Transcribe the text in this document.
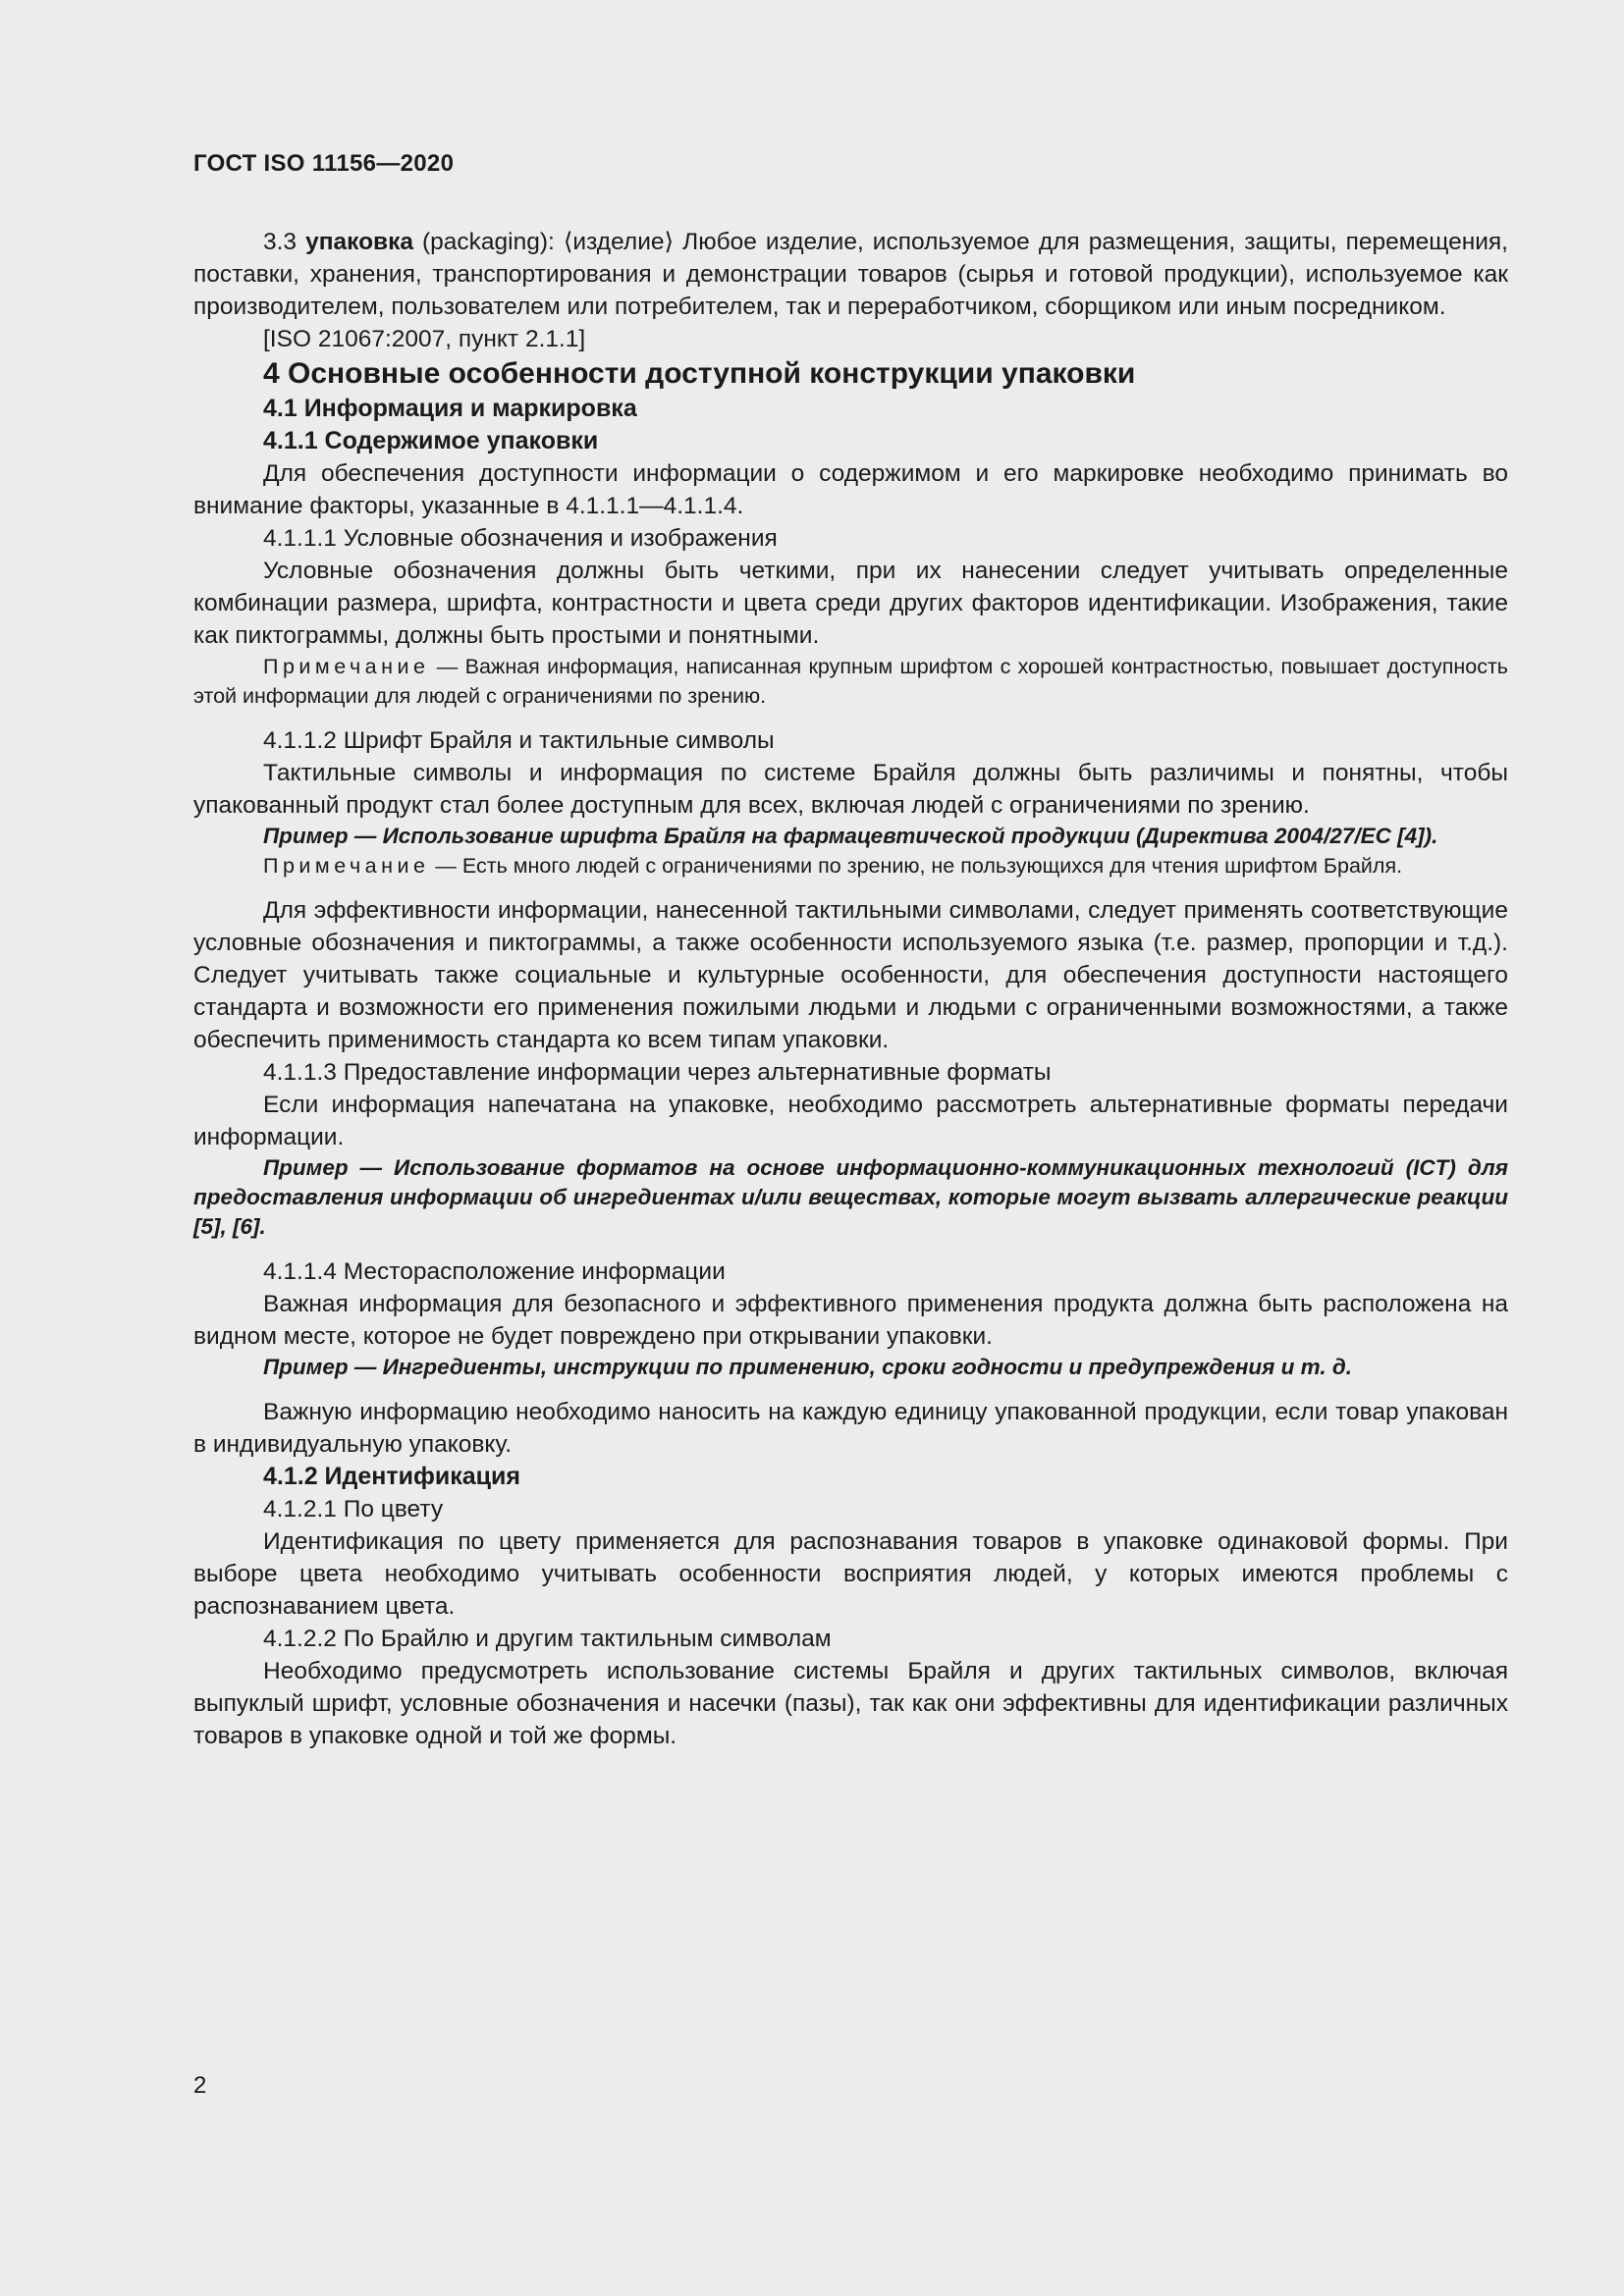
ГОСТ ISO 11156—2020

3.3 упаковка (packaging): ⟨изделие⟩ Любое изделие, используемое для размещения, защиты, перемещения, поставки, хранения, транспортирования и демонстрации товаров (сырья и готовой продукции), используемое как производителем, пользователем или потребителем, так и переработчиком, сборщиком или иным посредником.

[ISO 21067:2007, пункт 2.1.1]

4 Основные особенности доступной конструкции упаковки

4.1 Информация и маркировка

4.1.1 Содержимое упаковки

Для обеспечения доступности информации о содержимом и его маркировке необходимо принимать во внимание факторы, указанные в 4.1.1.1—4.1.1.4.

4.1.1.1 Условные обозначения и изображения

Условные обозначения должны быть четкими, при их нанесении следует учитывать определенные комбинации размера, шрифта, контрастности и цвета среди других факторов идентификации. Изображения, такие как пиктограммы, должны быть простыми и понятными.

Примечание — Важная информация, написанная крупным шрифтом с хорошей контрастностью, повышает доступность этой информации для людей с ограничениями по зрению.

4.1.1.2 Шрифт Брайля и тактильные символы

Тактильные символы и информация по системе Брайля должны быть различимы и понятны, чтобы упакованный продукт стал более доступным для всех, включая людей с ограничениями по зрению.

Пример — Использование шрифта Брайля на фармацевтической продукции (Директива 2004/27/ЕС [4]).

Примечание — Есть много людей с ограничениями по зрению, не пользующихся для чтения шрифтом Брайля.

Для эффективности информации, нанесенной тактильными символами, следует применять соответствующие условные обозначения и пиктограммы, а также особенности используемого языка (т.е. размер, пропорции и т.д.). Следует учитывать также социальные и культурные особенности, для обеспечения доступности настоящего стандарта и возможности его применения пожилыми людьми и людьми с ограниченными возможностями, а также обеспечить применимость стандарта ко всем типам упаковки.

4.1.1.3 Предоставление информации через альтернативные форматы

Если информация напечатана на упаковке, необходимо рассмотреть альтернативные форматы передачи информации.

Пример — Использование форматов на основе информационно-коммуникационных технологий (ICT) для предоставления информации об ингредиентах и/или веществах, которые могут вызвать аллергические реакции [5], [6].

4.1.1.4 Месторасположение информации

Важная информация для безопасного и эффективного применения продукта должна быть расположена на видном месте, которое не будет повреждено при открывании упаковки.

Пример — Ингредиенты, инструкции по применению, сроки годности и предупреждения и т. д.

Важную информацию необходимо наносить на каждую единицу упакованной продукции, если товар упакован в индивидуальную упаковку.

4.1.2 Идентификация

4.1.2.1 По цвету

Идентификация по цвету применяется для распознавания товаров в упаковке одинаковой формы. При выборе цвета необходимо учитывать особенности восприятия людей, у которых имеются проблемы с распознаванием цвета.

4.1.2.2 По Брайлю и другим тактильным символам

Необходимо предусмотреть использование системы Брайля и других тактильных символов, включая выпуклый шрифт, условные обозначения и насечки (пазы), так как они эффективны для идентификации различных товаров в упаковке одной и той же формы.

2
